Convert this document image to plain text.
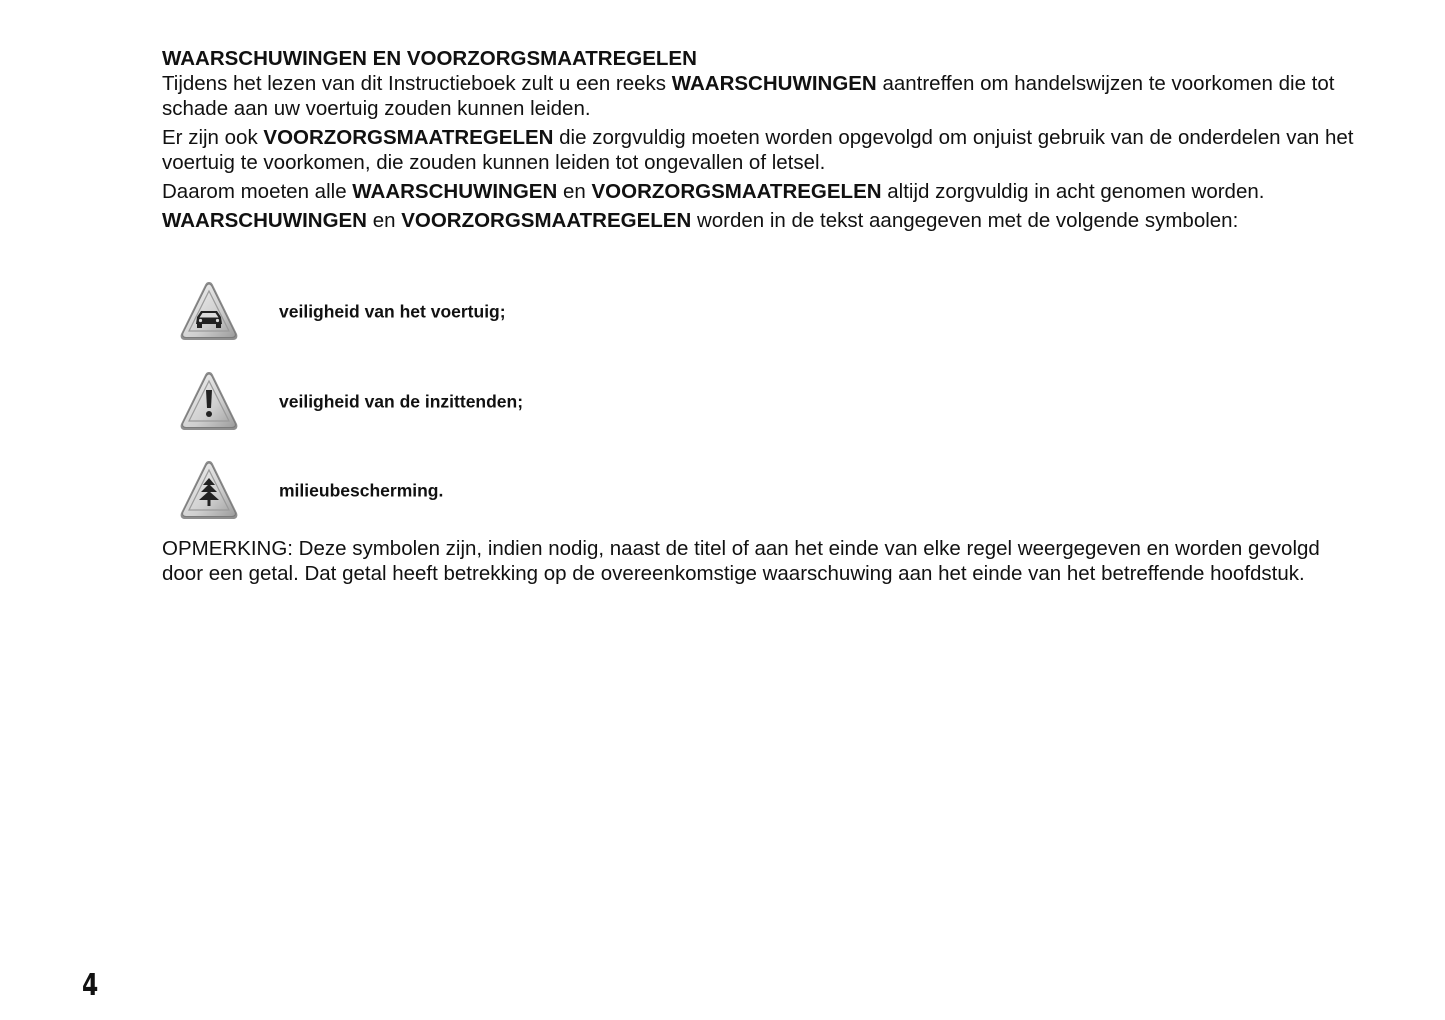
WAARSCHUWINGEN EN VOORZORGSMAATREGELEN

Tijdens het lezen van dit Instructieboek zult u een reeks WAARSCHUWINGEN aantreffen om handelswijzen te voorkomen die tot schade aan uw voertuig zouden kunnen leiden.

Er zijn ook VOORZORGSMAATREGELEN die zorgvuldig moeten worden opgevolgd om onjuist gebruik van de onderdelen van het voertuig te voorkomen, die zouden kunnen leiden tot ongevallen of letsel.

Daarom moeten alle WAARSCHUWINGEN en VOORZORGSMAATREGELEN altijd zorgvuldig in acht genomen worden.

WAARSCHUWINGEN en VOORZORGSMAATREGELEN worden in de tekst aangegeven met de volgende symbolen:

veiligheid van het voertuig;
veiligheid van de inzittenden;
milieubescherming.

OPMERKING: Deze symbolen zijn, indien nodig, naast de titel of aan het einde van elke regel weergegeven en worden gevolgd door een getal. Dat getal heeft betrekking op de overeenkomstige waarschuwing aan het einde van het betreffende hoofdstuk.

4
